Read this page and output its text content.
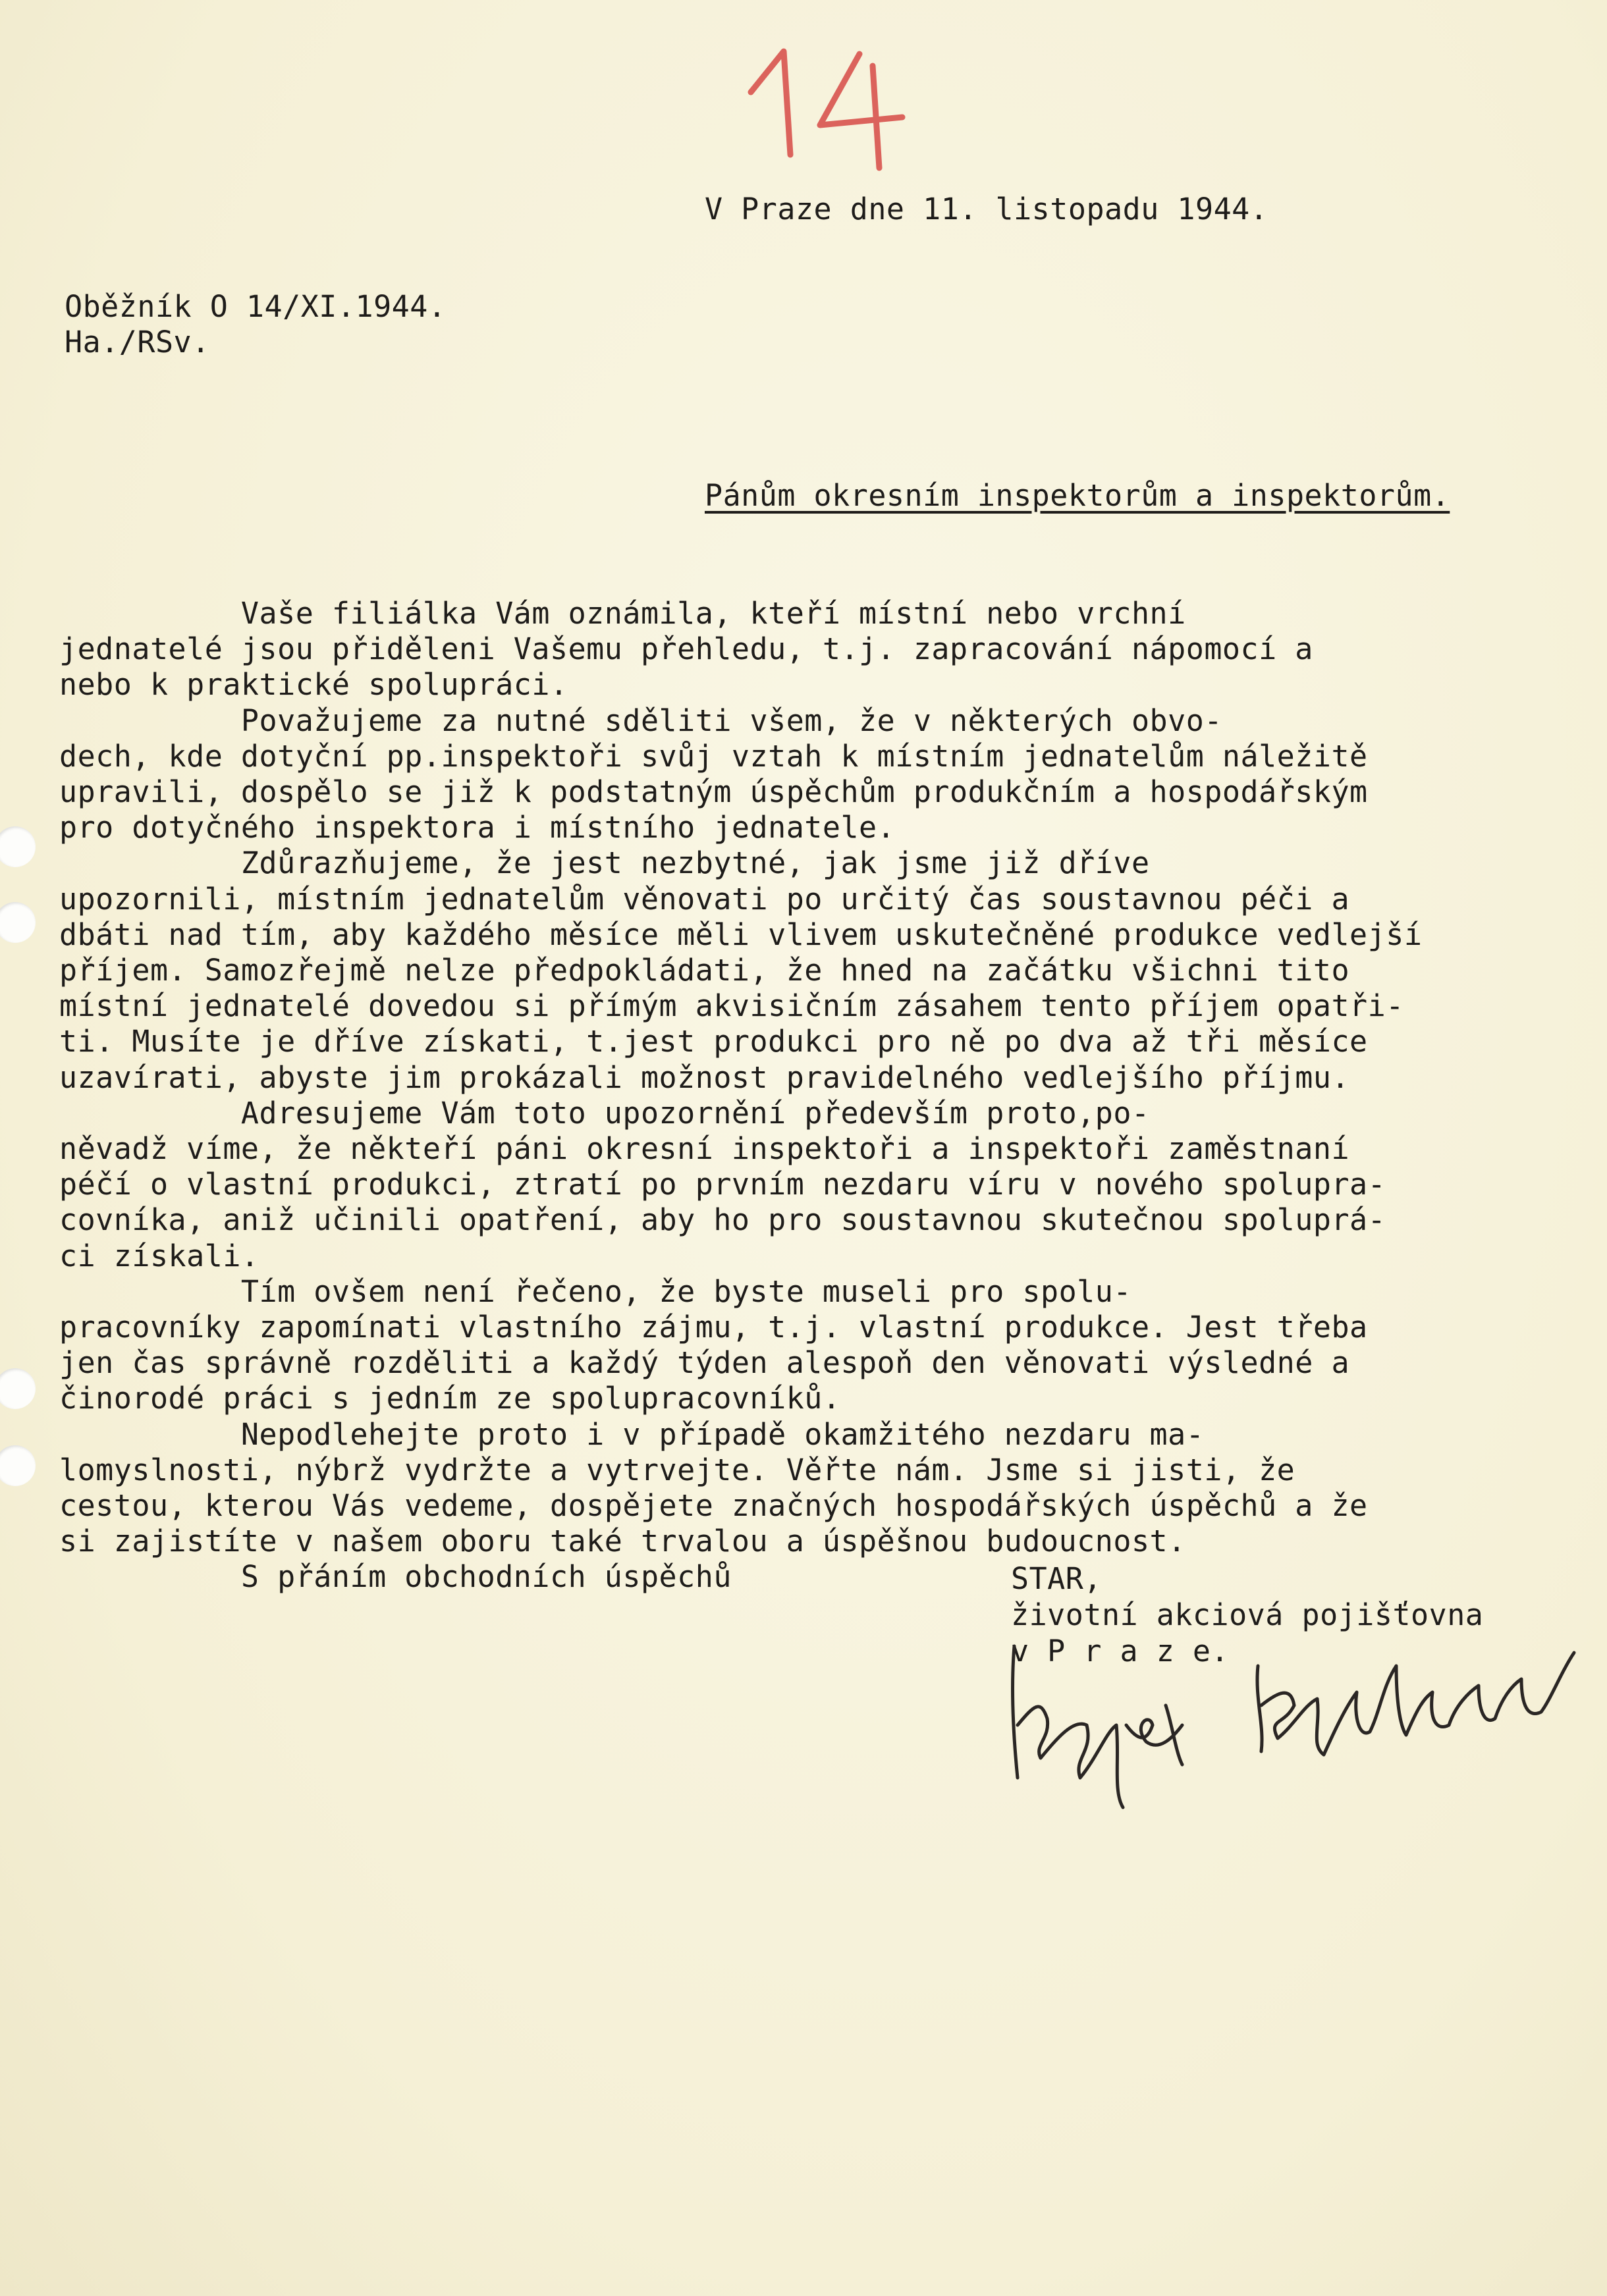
V Praze dne 11. listopadu 1944.
Oběžník O 14/XI.1944.
Ha./RSv.
Pánům okresním inspektorům a inspektorům.
Vaše filiálka Vám oznámila, kteří místní nebo vrchní
jednatelé jsou přiděleni Vašemu přehledu, t.j. zapracování nápomocí a
nebo k praktické spolupráci.
Považujeme za nutné sděliti všem, že v některých obvo-
dech, kde dotyční pp.inspektoři svůj vztah k místním jednatelům náležitě
upravili, dospělo se již k podstatným úspěchům produkčním a hospodářským
pro dotyčného inspektora i místního jednatele.
Zdůrazňujeme, že jest nezbytné, jak jsme již dříve
upozornili, místním jednatelům věnovati po určitý čas soustavnou péči a
dbáti nad tím, aby každého měsíce měli vlivem uskutečněné produkce vedlejší
příjem. Samozřejmě nelze předpokládati, že hned na začátku všichni tito
místní jednatelé dovedou si přímým akvisičním zásahem tento příjem opatři-
ti. Musíte je dříve získati, t.jest produkci pro ně po dva až tři měsíce
uzavírati, abyste jim prokázali možnost pravidelného vedlejšího příjmu.
Adresujeme Vám toto upozornění především proto,po-
něvadž víme, že někteří páni okresní inspektoři a inspektoři zaměstnaní
péčí o vlastní produkci, ztratí po prvním nezdaru víru v nového spolupra-
covníka, aniž učinili opatření, aby ho pro soustavnou skutečnou spoluprá-
ci získali.
Tím ovšem není řečeno, že byste museli pro spolu-
pracovníky zapomínati vlastního zájmu, t.j. vlastní produkce. Jest třeba
jen čas správně rozděliti a každý týden alespoň den věnovati výsledné a
činorodé práci s jedním ze spolupracovníků.
Nepodlehejte proto i v případě okamžitého nezdaru ma-
lomyslnosti, nýbrž vydržte a vytrvejte. Věřte nám. Jsme si jisti, že
cestou, kterou Vás vedeme, dospějete značných hospodářských úspěchů a že
si zajistíte v našem oboru také trvalou a úspěšnou budoucnost.
S přáním obchodních úspěchů	STAR,
životní akciová pojišťovna
v P r a z e.
